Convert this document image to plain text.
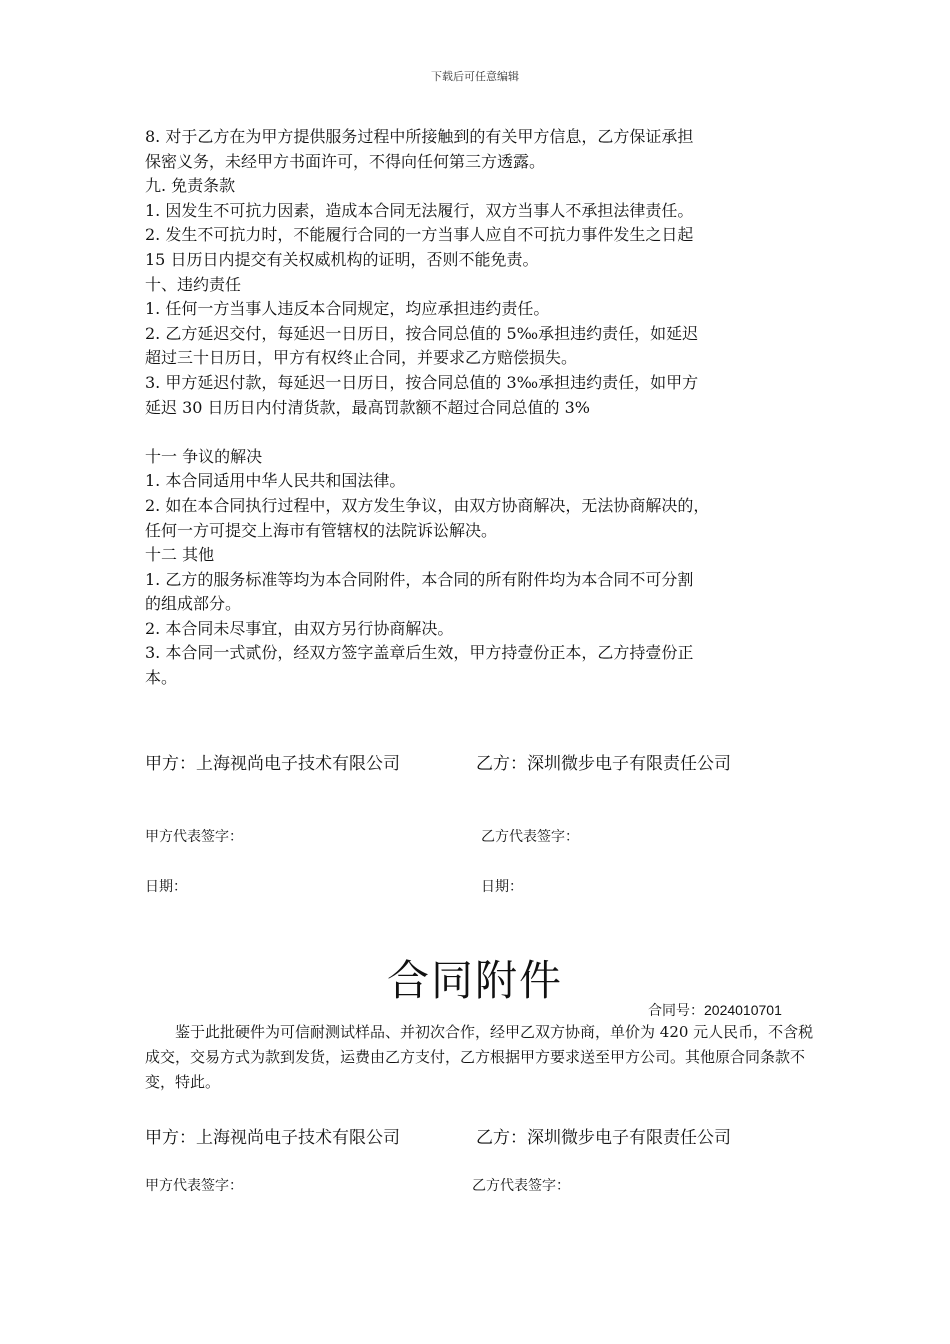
下载后可任意编辑
8. 对于乙方在为甲方提供服务过程中所接触到的有关甲方信息，乙方保证承担
保密义务，未经甲方书面许可，不得向任何第三方透露。
九. 免责条款
1. 因发生不可抗力因素，造成本合同无法履行，双方当事人不承担法律责任。
2. 发生不可抗力时，不能履行合同的一方当事人应自不可抗力事件发生之日起
15 日历日内提交有关权威机构的证明，否则不能免责。
十、违约责任
1. 任何一方当事人违反本合同规定，均应承担违约责任。
2. 乙方延迟交付，每延迟一日历日，按合同总值的 5‰承担违约责任，如延迟
超过三十日历日，甲方有权终止合同，并要求乙方赔偿损失。
3. 甲方延迟付款，每延迟一日历日，按合同总值的 3‰承担违约责任，如甲方
延迟 30 日历日内付清货款，最高罚款额不超过合同总值的 3%
十一 争议的解决
1. 本合同适用中华人民共和国法律。
2. 如在本合同执行过程中，双方发生争议，由双方协商解决，无法协商解决的，
任何一方可提交上海市有管辖权的法院诉讼解决。
十二 其他
1. 乙方的服务标准等均为本合同附件，本合同的所有附件均为本合同不可分割
的组成部分。
2. 本合同未尽事宜，由双方另行协商解决。
3. 本合同一式贰份，经双方签字盖章后生效，甲方持壹份正本，乙方持壹份正
本。
甲方：上海视尚电子技术有限公司	乙方：深圳微步电子有限责任公司
甲方代表签字：	乙方代表签字：
日期：	日期：
合同附件
合同号：2024010701
鉴于此批硬件为可信耐测试样品、并初次合作，经甲乙双方协商，单价为 420 元人民币，不含税成交，交易方式为款到发货，运费由乙方支付，乙方根据甲方要求送至甲方公司。其他原合同条款不变，特此。
甲方：上海视尚电子技术有限公司	乙方：深圳微步电子有限责任公司
甲方代表签字：	乙方代表签字：
